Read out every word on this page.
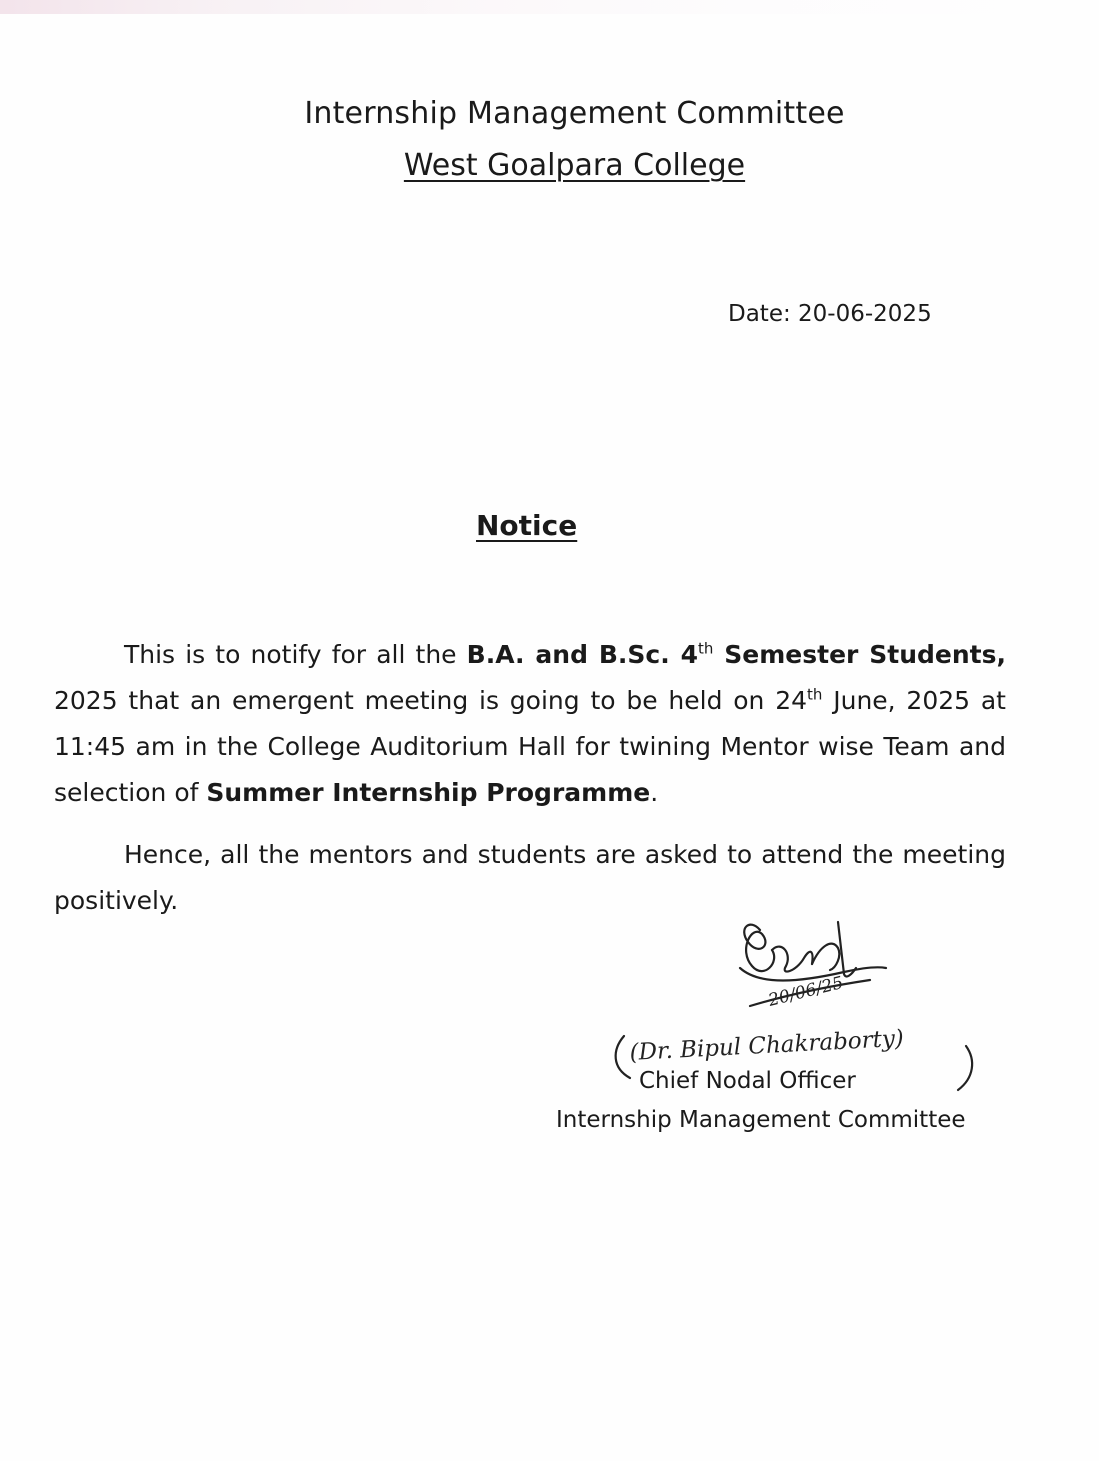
Internship Management Committee
West Goalpara College
Date: 20-06-2025
Notice
This is to notify for all the B.A. and B.Sc. 4th Semester Students, 2025 that an emergent meeting is going to be held on 24th June, 2025 at 11:45 am in the College Auditorium Hall for twining Mentor wise Team and selection of Summer Internship Programme.
Hence, all the mentors and students are asked to attend the meeting positively.
20/06/25
(Dr. Bipul Chakraborty)
Chief Nodal Officer
Internship Management Committee
